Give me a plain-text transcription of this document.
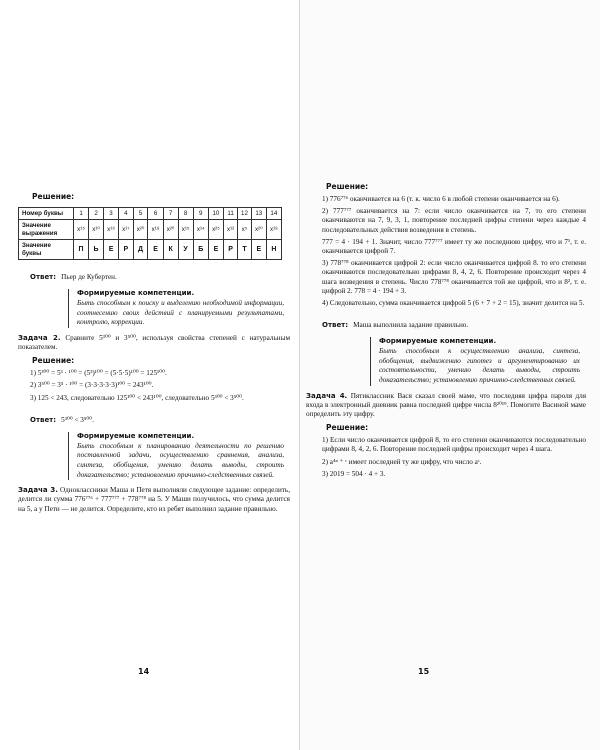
Решение:
Номер буквы	1	2	3	4	5	6	7	8	9	10	11	12	13	14
Значение выражения	x¹⁵	x¹⁰	x¹⁶	x¹⁷	x²⁰	x¹⁸	x²⁰	x¹⁵	x¹⁴	x²⁵	x¹²	x⁵	x²⁰	x¹⁸
Значение буквы	П	Ь	Е	Р	Д	Е	К	У	Б	Е	Р	Т	Е	Н
Ответ: Пьер де Кубертен.
Формируемые компетенции.
Быть способным к поиску и выделению необходимой информации, соотнесению своих действий с планируемыми результатами, контролю, коррекции.
Задача 2. Сравните 5³⁰⁰ и 3⁵⁰⁰, используя свойства степеней с натуральным показателем.
Решение:

1) 5³⁰⁰ = 5³ · ¹⁰⁰ = (5³)¹⁰⁰ = (5·5·5)¹⁰⁰ = 125¹⁰⁰.

2) 3⁵⁰⁰ = 3⁵ · ¹⁰⁰ = (3·3·3·3·3)¹⁰⁰ = 243¹⁰⁰.

3) 125 < 243, следовательно 125¹⁰⁰ < 243¹⁰⁰, следовательно 5³⁰⁰ < 3⁵⁰⁰.

Ответ: 5³⁰⁰ < 3⁵⁰⁰.
Формируемые компетенции.
Быть способным к планированию деятельности по решению поставленной задачи, осуществлению сравнения, анализа, синтеза, обобщения, умению делать выводы, строить доказательство; установлению причинно-следственных связей.
Задача 3. Одноклассники Маша и Петя выполняли следующее задание: определить, делится ли сумма 776⁷⁷⁶ + 777⁷⁷⁷ + 778⁷⁷⁸ на 5. У Маши получилось, что сумма делится на 5, а у Пети — не делится. Определите, кто из ребят выполнил задание правильно.
14
Решение:

1) 776⁷⁷⁶ оканчивается на 6 (т. к. число 6 в любой степени оканчивается на 6).

2) 777⁷⁷⁷ оканчивается на 7: если число оканчивается на 7, то его степени оканчиваются на 7, 9, 3, 1, повторение последней цифры степени через каждые 4 последовательных действия возведения в степень.

777 = 4 · 194 + 1. Значит, число 777⁷⁷⁷ имеет ту же последнюю цифру, что и 7¹, т. е. оканчивается цифрой 7.

3) 778⁷⁷⁸ оканчивается цифрой 2: если число оканчивается цифрой 8. то его степени оканчиваются последовательно цифрами 8, 4, 2, 6. Повторение происходит через 4 шага возведения в степень. Число 778⁷⁷⁸ оканчивается той же цифрой, что и 8², т. е. цифрой 2. 778 = 4 · 194 + 3.

4) Следовательно, сумма оканчивается цифрой 5 (6 + 7 + 2 = 15), значит делится на 5.

Ответ: Маша выполнила задание правильно.
Формируемые компетенции.
Быть способным к осуществлению анализа, синтеза, обобщения, выдвижению гипотез и аргументированию их состоятельности, умению делать выводы, строить доказательство; установлению причинно-следственных связей.
Задача 4. Пятиклассник Вася сказал своей маме, что последняя цифра пароля для входа в электронный дневник равна последней цифре числа 8²⁰¹⁹. Помогите Васиной маме определить эту цифру.
Решение:

1) Если число оканчивается цифрой 8, то его степени оканчиваются последовательно цифрами 8, 4, 2, 6. Повторение последней цифры происходит через 4 шага.

2) a⁴ⁿ ⁺ ᶜ имеет последней ту же цифру, что число aᶜ.

3) 2019 = 504 · 4 + 3.

15
